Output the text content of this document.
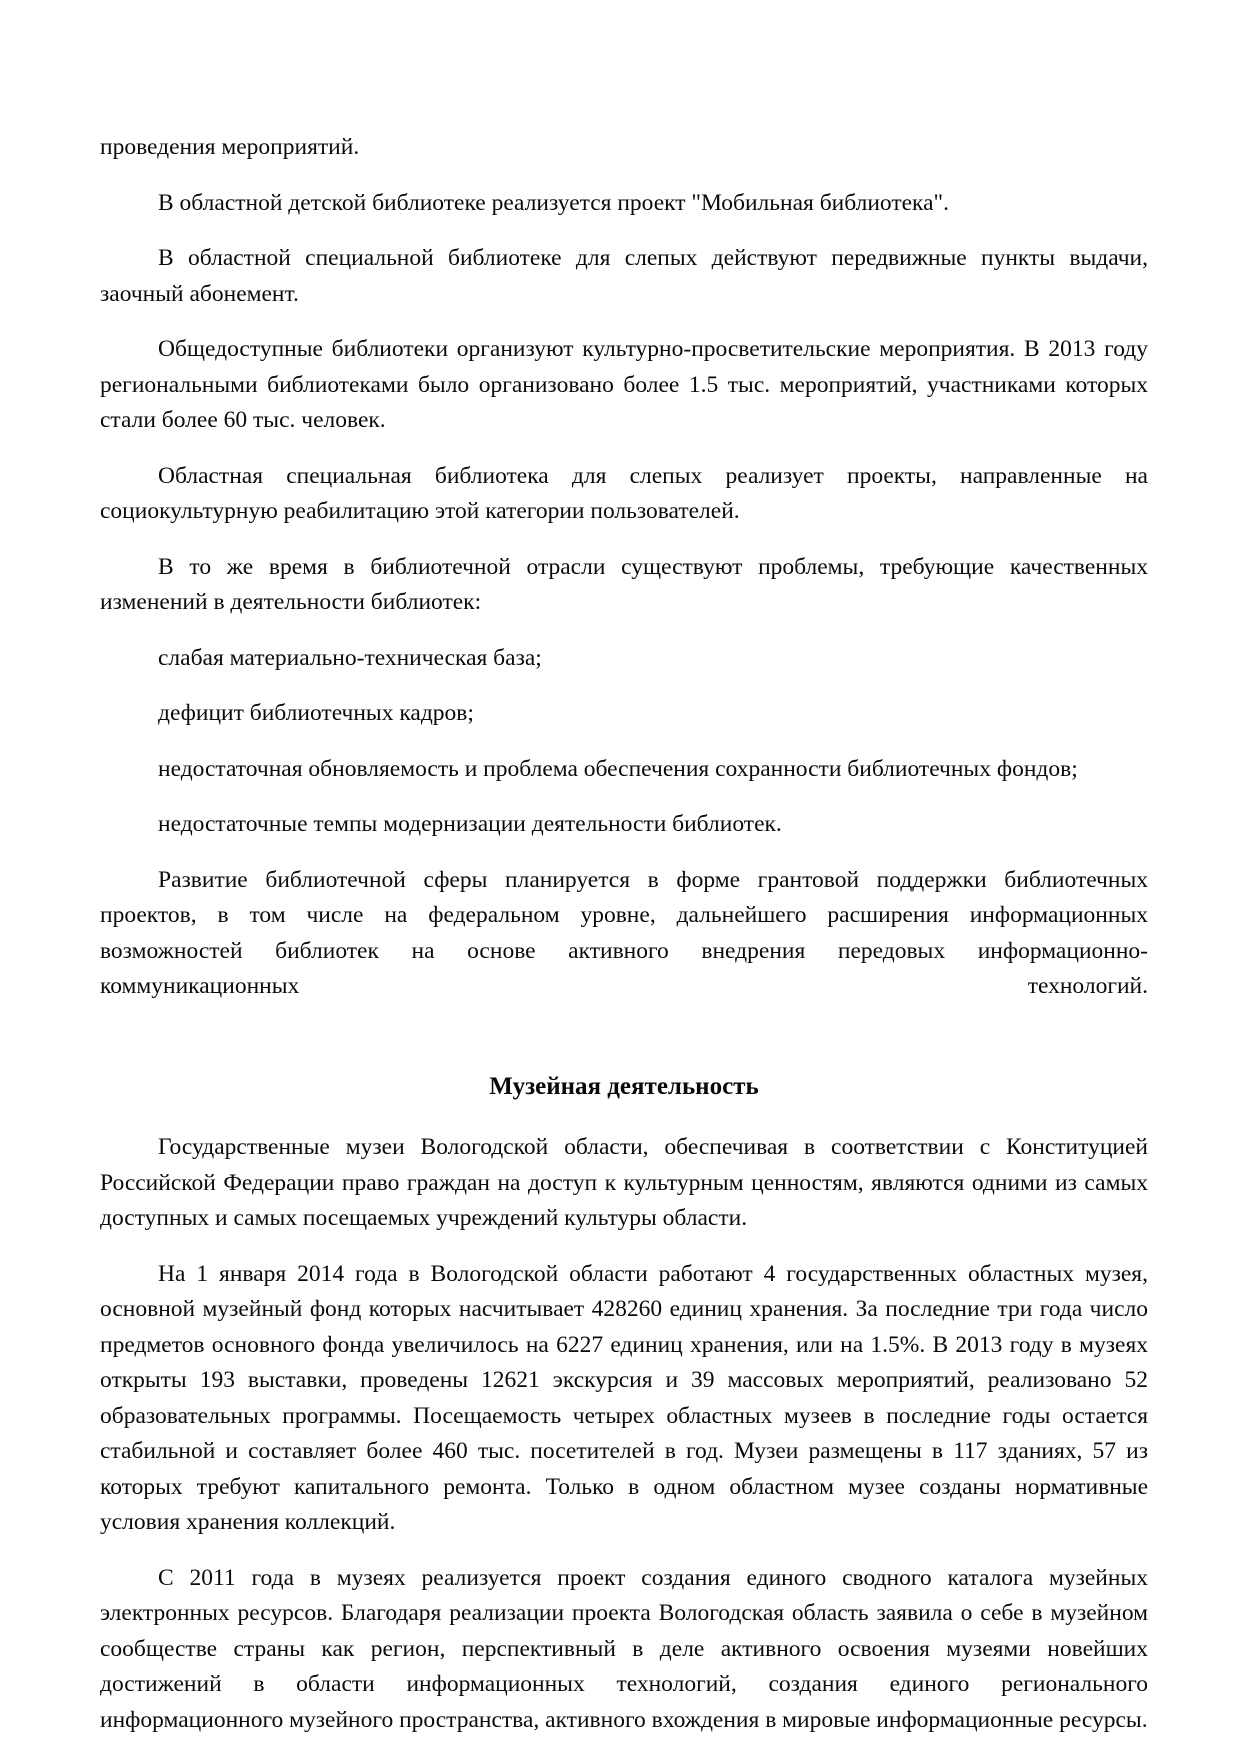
проведения мероприятий.

В областной детской библиотеке реализуется проект "Мобильная библиотека".

В областной специальной библиотеке для слепых действуют передвижные пункты выдачи, заочный абонемент.

Общедоступные библиотеки организуют культурно-просветительские мероприятия. В 2013 году региональными библиотеками было организовано более 1.5 тыс. мероприятий, участниками которых стали более 60 тыс. человек.

Областная специальная библиотека для слепых реализует проекты, направленные на социокультурную реабилитацию этой категории пользователей.

В то же время в библиотечной отрасли существуют проблемы, требующие качественных изменений в деятельности библиотек:

слабая материально-техническая база;

дефицит библиотечных кадров;

недостаточная обновляемость и проблема обеспечения сохранности библиотечных фондов;

недостаточные темпы модернизации деятельности библиотек.

Развитие библиотечной сферы планируется в форме грантовой поддержки библиотечных проектов, в том числе на федеральном уровне, дальнейшего расширения информационных возможностей библиотек на основе активного внедрения передовых информационно-коммуникационных технологий.

Музейная деятельность

Государственные музеи Вологодской области, обеспечивая в соответствии с Конституцией Российской Федерации право граждан на доступ к культурным ценностям, являются одними из самых доступных и самых посещаемых учреждений культуры области.

На 1 января 2014 года в Вологодской области работают 4 государственных областных музея, основной музейный фонд которых насчитывает 428260 единиц хранения. За последние три года число предметов основного фонда увеличилось на 6227 единиц хранения, или на 1.5%. В 2013 году в музеях открыты 193 выставки, проведены 12621 экскурсия и 39 массовых мероприятий, реализовано 52 образовательных программы. Посещаемость четырех областных музеев в последние годы остается стабильной и составляет более 460 тыс. посетителей в год. Музеи размещены в 117 зданиях, 57 из которых требуют капитального ремонта. Только в одном областном музее созданы нормативные условия хранения коллекций.

С 2011 года в музеях реализуется проект создания единого сводного каталога музейных электронных ресурсов. Благодаря реализации проекта Вологодская область заявила о себе в музейном сообществе страны как регион, перспективный в деле активного освоения музеями новейших достижений в области информационных технологий, создания единого регионального информационного музейного пространства, активного вхождения в мировые информационные ресурсы.
